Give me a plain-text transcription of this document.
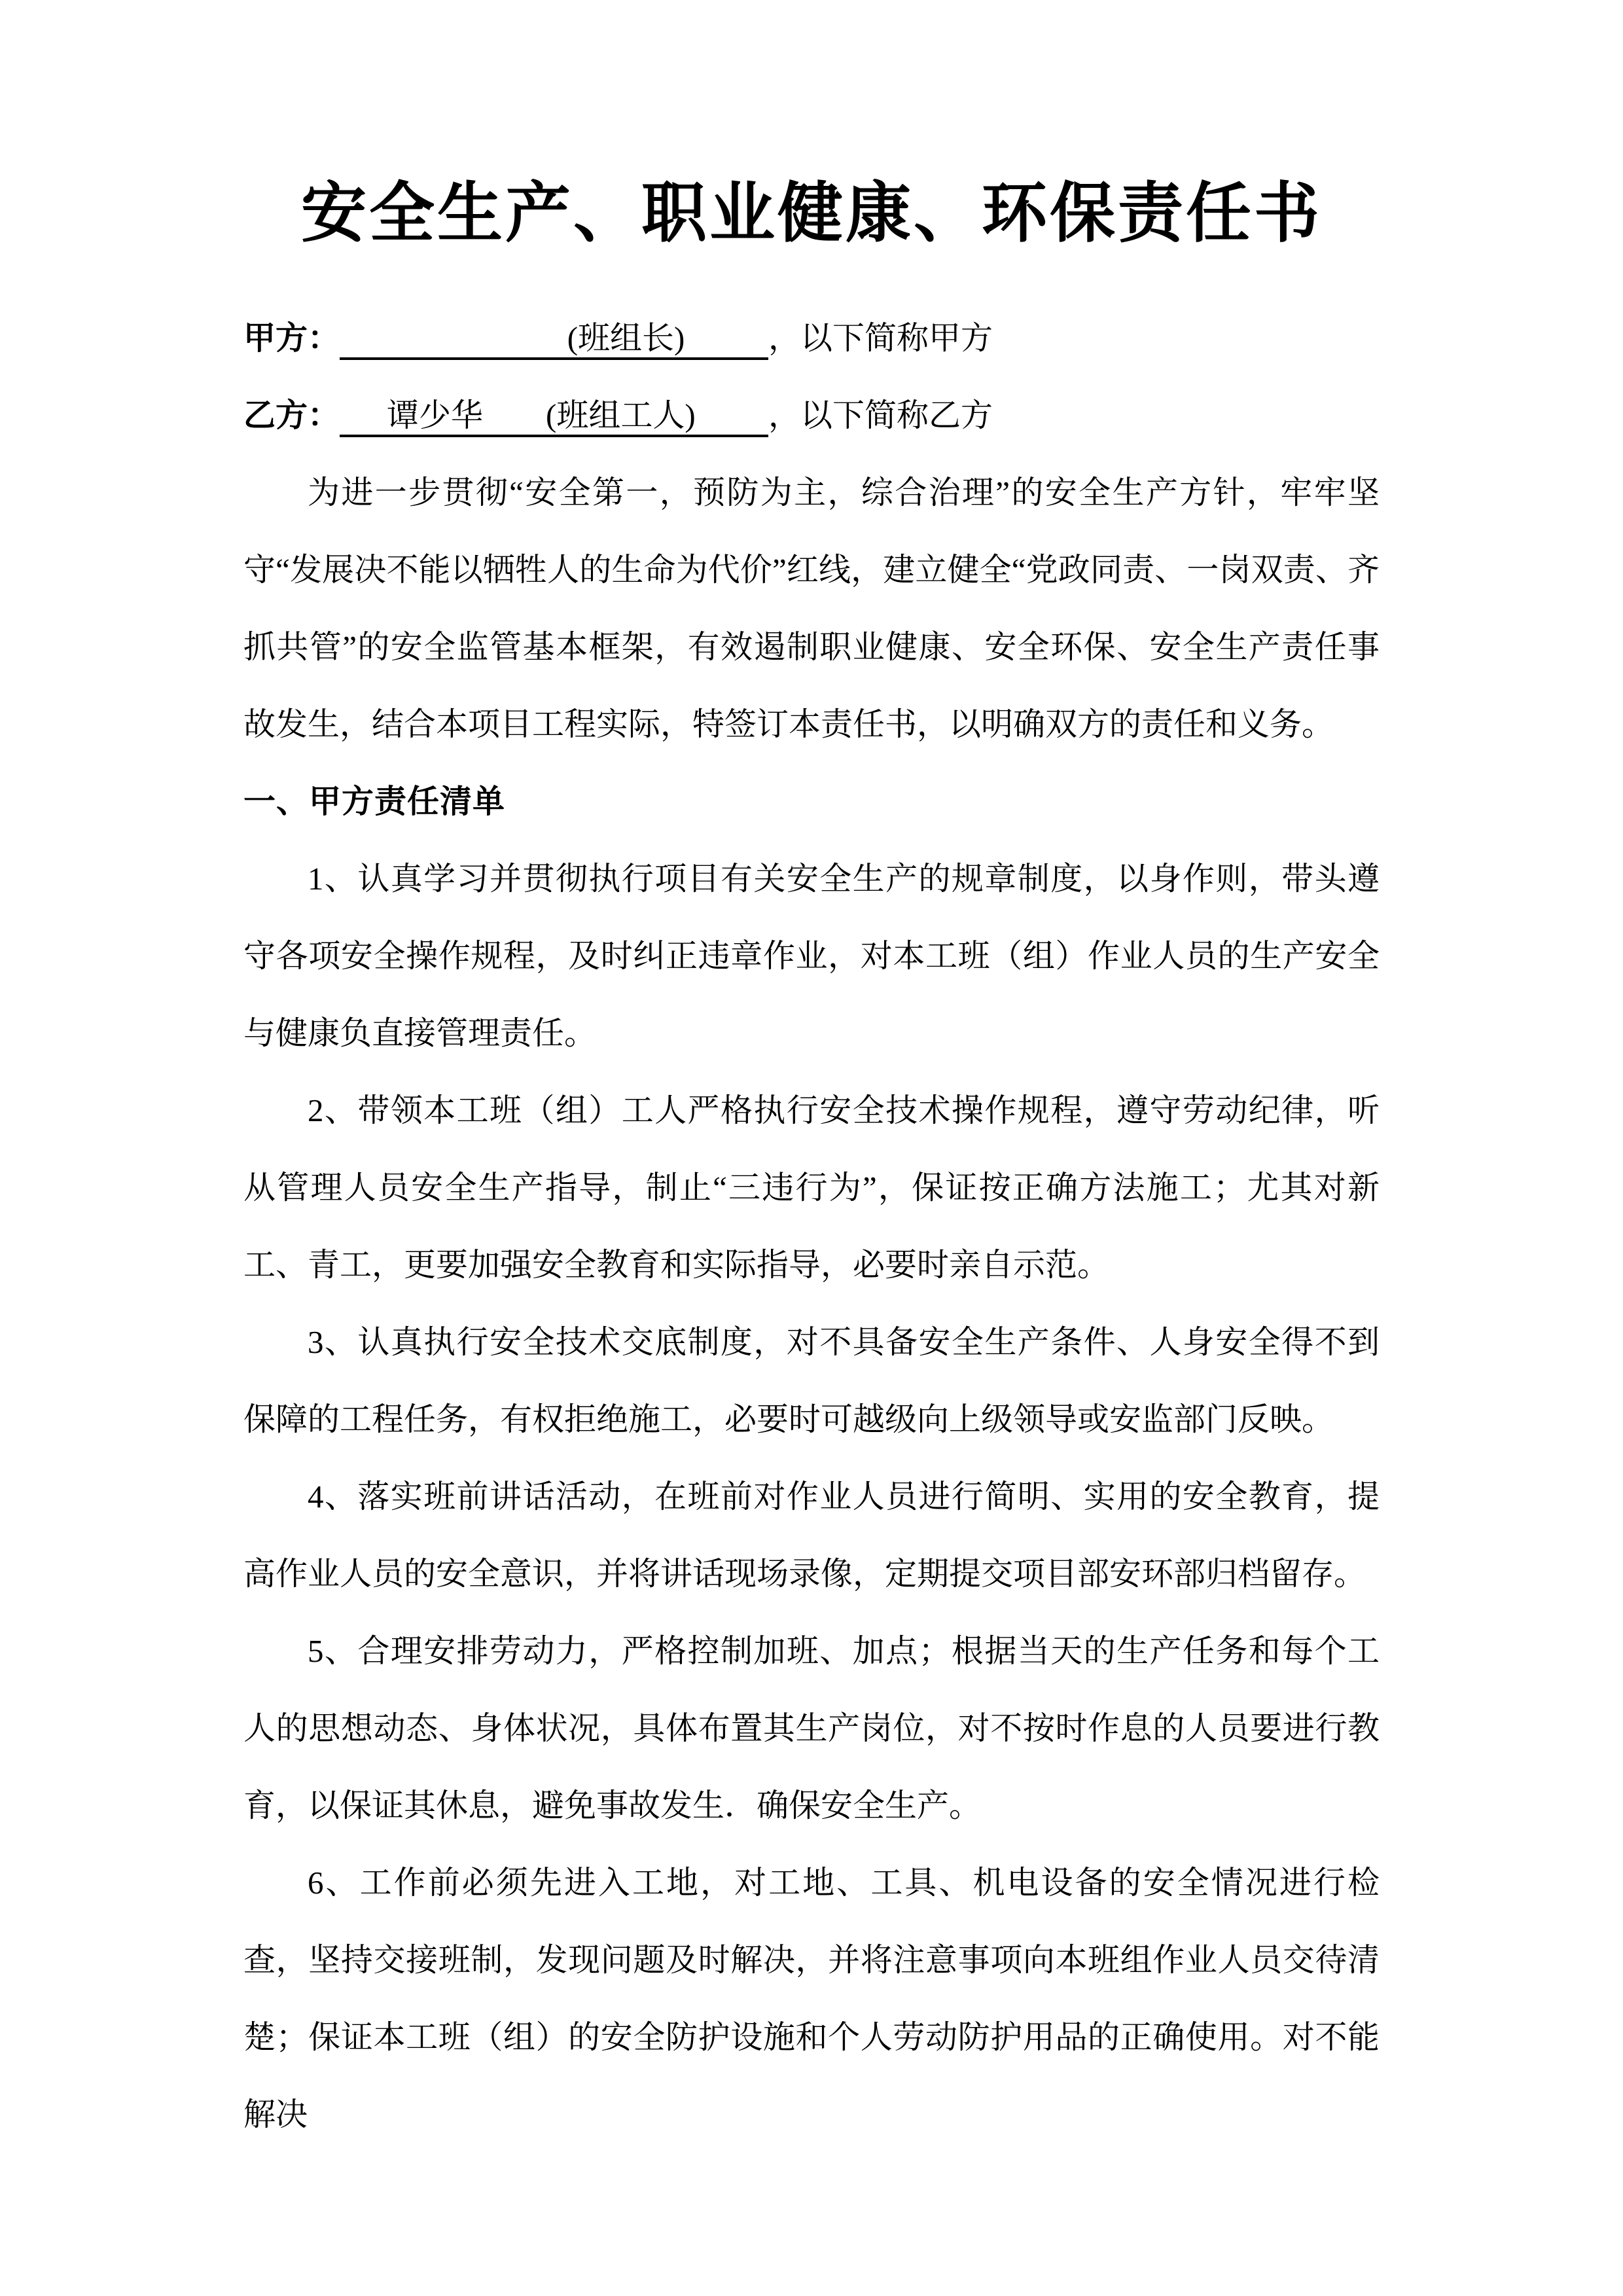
安全生产、职业健康、环保责任书
甲方：	(班组长)	，以下简称甲方
乙方： 谭少华 (班组工人) ，以下简称乙方

为进一步贯彻“安全第一，预防为主，综合治理”的安全生产方针，牢牢坚守“发展决不能以牺牲人的生命为代价”红线，建立健全“党政同责、一岗双责、齐抓共管”的安全监管基本框架，有效遏制职业健康、安全环保、安全生产责任事故发生，结合本项目工程实际，特签订本责任书，以明确双方的责任和义务。

一、甲方责任清单

1、认真学习并贯彻执行项目有关安全生产的规章制度，以身作则，带头遵守各项安全操作规程，及时纠正违章作业，对本工班（组）作业人员的生产安全与健康负直接管理责任。

2、带领本工班（组）工人严格执行安全技术操作规程，遵守劳动纪律，听从管理人员安全生产指导，制止“三违行为”，保证按正确方法施工；尤其对新工、青工，更要加强安全教育和实际指导，必要时亲自示范。

3、认真执行安全技术交底制度，对不具备安全生产条件、人身安全得不到保障的工程任务，有权拒绝施工，必要时可越级向上级领导或安监部门反映。

4、落实班前讲话活动，在班前对作业人员进行简明、实用的安全教育，提高作业人员的安全意识，并将讲话现场录像，定期提交项目部安环部归档留存。

5、合理安排劳动力，严格控制加班、加点；根据当天的生产任务和每个工人的思想动态、身体状况，具体布置其生产岗位，对不按时作息的人员要进行教育，以保证其休息，避免事故发生．确保安全生产。

6、工作前必须先进入工地，对工地、工具、机电设备的安全情况进行检查，坚持交接班制，发现问题及时解决，并将注意事项向本班组作业人员交待清楚；保证本工班（组）的安全防护设施和个人劳动防护用品的正确使用。对不能解决
